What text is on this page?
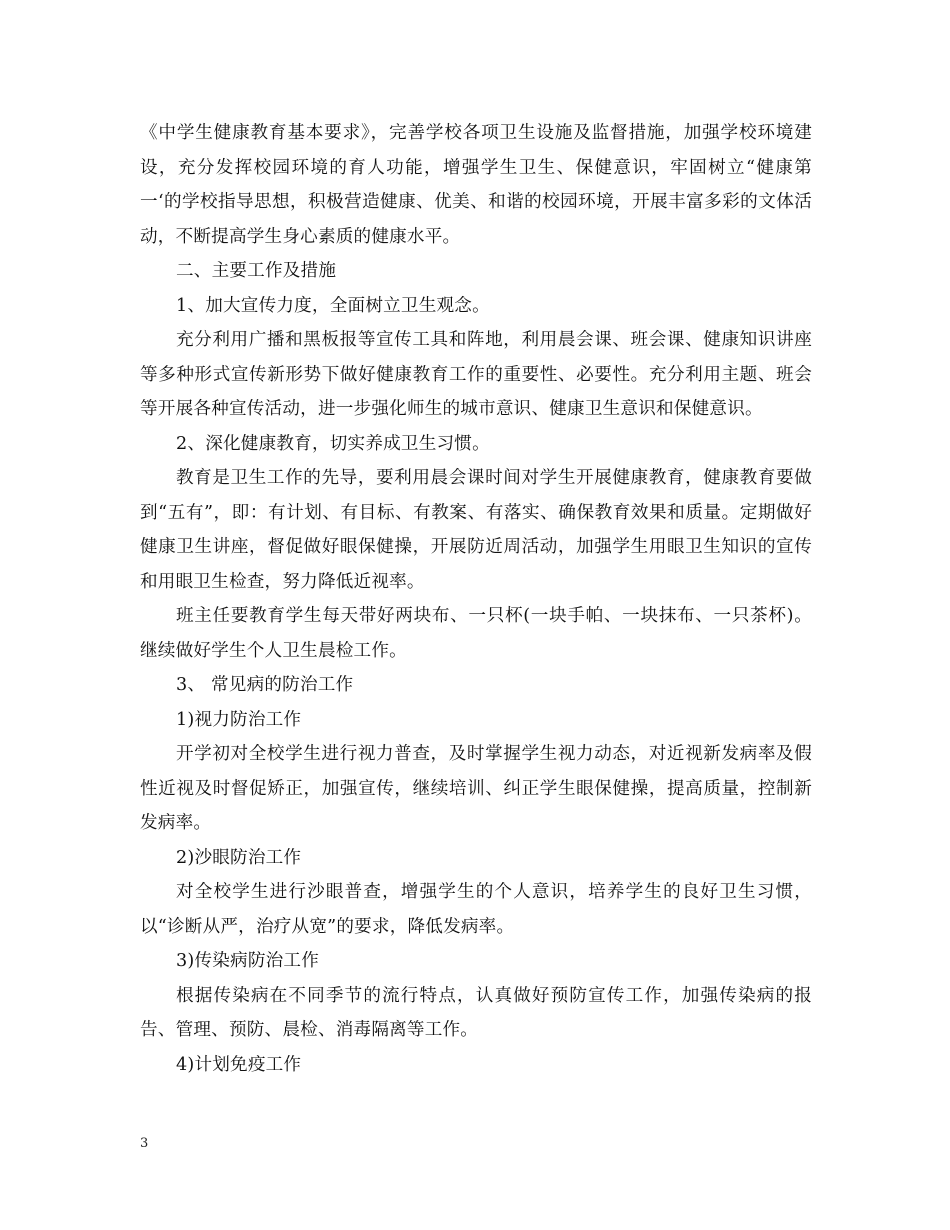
《中学生健康教育基本要求》，完善学校各项卫生设施及监督措施，加强学校环境建设，充分发挥校园环境的育人功能，增强学生卫生、保健意识，牢固树立“健康第一‘的学校指导思想，积极营造健康、优美、和谐的校园环境，开展丰富多彩的文体活动，不断提高学生身心素质的健康水平。

二、主要工作及措施

1、加大宣传力度，全面树立卫生观念。

充分利用广播和黑板报等宣传工具和阵地，利用晨会课、班会课、健康知识讲座等多种形式宣传新形势下做好健康教育工作的重要性、必要性。充分利用主题、班会等开展各种宣传活动，进一步强化师生的城市意识、健康卫生意识和保健意识。

2、深化健康教育，切实养成卫生习惯。

教育是卫生工作的先导，要利用晨会课时间对学生开展健康教育，健康教育要做到“五有”，即：有计划、有目标、有教案、有落实、确保教育效果和质量。定期做好健康卫生讲座，督促做好眼保健操，开展防近周活动，加强学生用眼卫生知识的宣传和用眼卫生检查，努力降低近视率。

班主任要教育学生每天带好两块布、一只杯(一块手帕、一块抹布、一只茶杯)。继续做好学生个人卫生晨检工作。

3、 常见病的防治工作

1)视力防治工作

开学初对全校学生进行视力普查，及时掌握学生视力动态，对近视新发病率及假性近视及时督促矫正，加强宣传，继续培训、纠正学生眼保健操，提高质量，控制新发病率。

2)沙眼防治工作

对全校学生进行沙眼普查，增强学生的个人意识，培养学生的良好卫生习惯，以“诊断从严，治疗从宽”的要求，降低发病率。

3)传染病防治工作

根据传染病在不同季节的流行特点，认真做好预防宣传工作，加强传染病的报告、管理、预防、晨检、消毒隔离等工作。

4)计划免疫工作

3
